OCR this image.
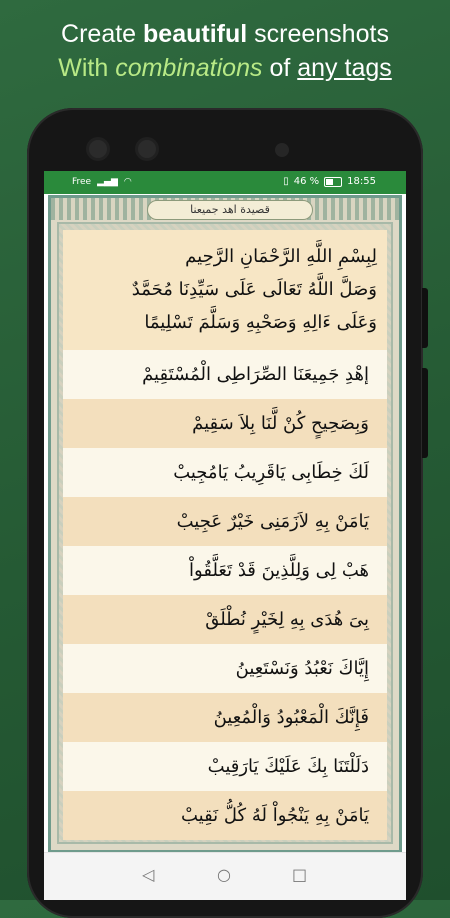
Create beautiful screenshots
With combinations of any tags
Free ▂▄▆ ◠	▯ 46 %	18:55
قصيدة اهد جميعنا
لِبِسْمِ اللَّهِ الرَّحْمَانِ الرَّحِيم
وَصَلَّ اللَّهُ تَعَالَى عَلَى سَيِّدِنَا مُحَمَّدٌ
وَعَلَى ءَالِهِ وَصَحْبِهِ وَسَلَّمَ تَسْلِيمًا
إهْدِ جَمِيعَنَا الصِّرَاطِى الْمُسْتَقِيمْ
وَبِصَحِيحٍ كُنْ لَّنَا بِلاَ سَقِيمْ
لَكَ خِطَابِى يَاقَرِيبُ يَامُجِيبْ
يَامَنْ بِهِ لاَزَمَنِى خَيْرٌ عَجِيبْ
هَبْ لِى وَلِلَّذِينَ قَدْ تَعَلَّقُواْ
بِىَ هُدَى بِهِ لِخَيْرٍ نُطْلَقْ
إِيَّاكَ نَعْبُدُ وَنَسْتَعِينُ
فَإِنَّكَ الْمَعْبُودُ وَالْمُعِينُ
دَلَلْتَنَا بِكَ عَلَيْكَ يَارَقِيبْ
يَامَنْ بِهِ يَنْجُواْ لَهُ كُلُّ نَقِيبْ
◁	○	□
